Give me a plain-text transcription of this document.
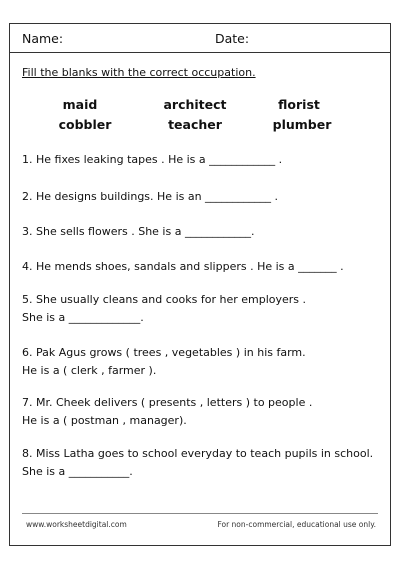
Name:	Date:
Fill the blanks with the correct occupation.
maid	architect	florist
cobbler	teacher	plumber
1. He fixes leaking tapes . He is a ____________ .
2. He designs buildings. He is an ____________ .
3. She sells flowers . She is a ____________.
4. He mends shoes, sandals and slippers . He is a _______ .
5. She usually cleans and cooks for her employers .
She is a _____________.
6. Pak Agus grows ( trees , vegetables ) in his farm.
He is a ( clerk , farmer ).
7. Mr. Cheek delivers ( presents , letters ) to people .
He is a ( postman , manager).
8. Miss Latha goes to school everyday to teach pupils in school.
She is a ___________.
www.worksheetdigital.com	For non-commercial, educational use only.
